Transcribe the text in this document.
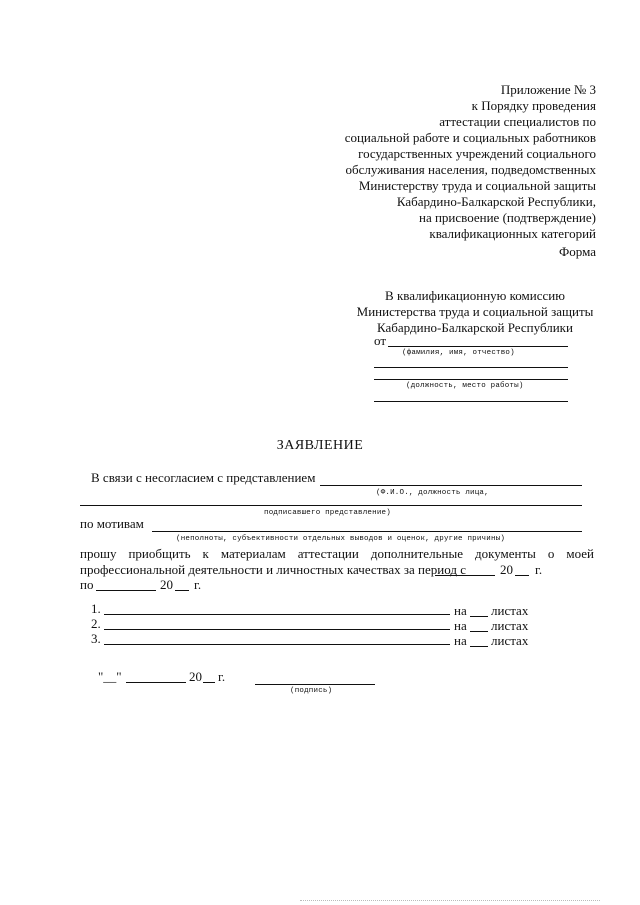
Приложение № 3
к Порядку проведения
аттестации специалистов по
социальной работе и социальных работников
государственных учреждений социального
обслуживания населения, подведомственных
Министерству труда и социальной защиты
Кабардино-Балкарской Республики,
на присвоение (подтверждение)
квалификационных категорий
Форма
В квалификационную комиссию
Министерства труда и социальной защиты
Кабардино-Балкарской Республики
от
(фамилия, имя, отчество)
(должность, место работы)
ЗАЯВЛЕНИЕ
В связи с несогласием с представлением
(Ф.И.О., должность лица,
подписавшего представление)
по мотивам
(неполноты, субъективности отдельных выводов и оценок, другие причины)
прошу приобщить к материалам аттестации дополнительные документы о моей
профессиональной деятельности и личностных качествах за период с	20 г.
по	20 г.
1.	на листах
2.	на листах
3.	на листах
"__"	20 г.
(подпись)
